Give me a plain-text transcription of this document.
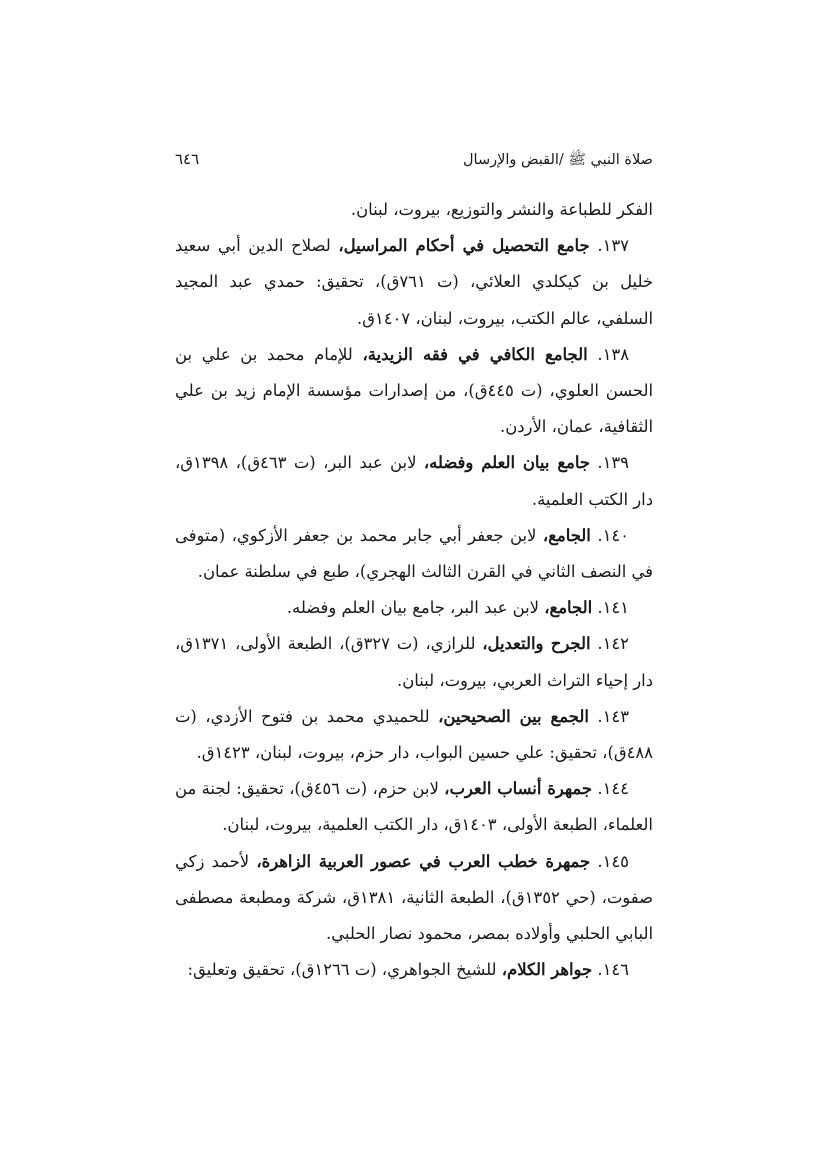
صلاة النبي ﷺ /القبض والإرسال
٦٤٦

الفكر للطباعة والنشر والتوزيع، بيروت، لبنان.

١٣٧. جامع التحصيل في أحكام المراسيل، لصلاح الدين أبي سعيد خليل بن كيكلدي العلائي، (ت ٧٦١ق)، تحقيق: حمدي عبد المجيد السلفي، عالم الكتب، بيروت، لبنان، ١٤٠٧ق.

١٣٨. الجامع الكافي في فقه الزيدية، للإمام محمد بن علي بن الحسن العلوي، (ت ٤٤٥ق)، من إصدارات مؤسسة الإمام زيد بن علي الثقافية، عمان، الأردن.

١٣٩. جامع بيان العلم وفضله، لابن عبد البر، (ت ٤٦٣ق)، ١٣٩٨ق، دار الكتب العلمية.

١٤٠. الجامع، لابن جعفر أبي جابر محمد بن جعفر الأزكوي، (متوفى في النصف الثاني في القرن الثالث الهجري)، طبع في سلطنة عمان.

١٤١. الجامع، لابن عبد البر، جامع بيان العلم وفضله.

١٤٢. الجرح والتعديل، للرازي، (ت ٣٢٧ق)، الطبعة الأولى، ١٣٧١ق، دار إحياء التراث العربي، بيروت، لبنان.

١٤٣. الجمع بين الصحيحين، للحميدي محمد بن فتوح الأزدي، (ت ٤٨٨ق)، تحقيق: علي حسين البواب، دار حزم، بيروت، لبنان، ١٤٢٣ق.

١٤٤. جمهرة أنساب العرب، لابن حزم، (ت ٤٥٦ق)، تحقيق: لجنة من العلماء، الطبعة الأولى، ١٤٠٣ق، دار الكتب العلمية، بيروت، لبنان.

١٤٥. جمهرة خطب العرب في عصور العربية الزاهرة، لأحمد زكي صفوت، (حي ١٣٥٢ق)، الطبعة الثانية، ١٣٨١ق، شركة ومطبعة مصطفى البابي الحلبي وأولاده بمصر، محمود نصار الحلبي.

١٤٦. جواهر الكلام، للشيخ الجواهري، (ت ١٢٦٦ق)، تحقيق وتعليق:
